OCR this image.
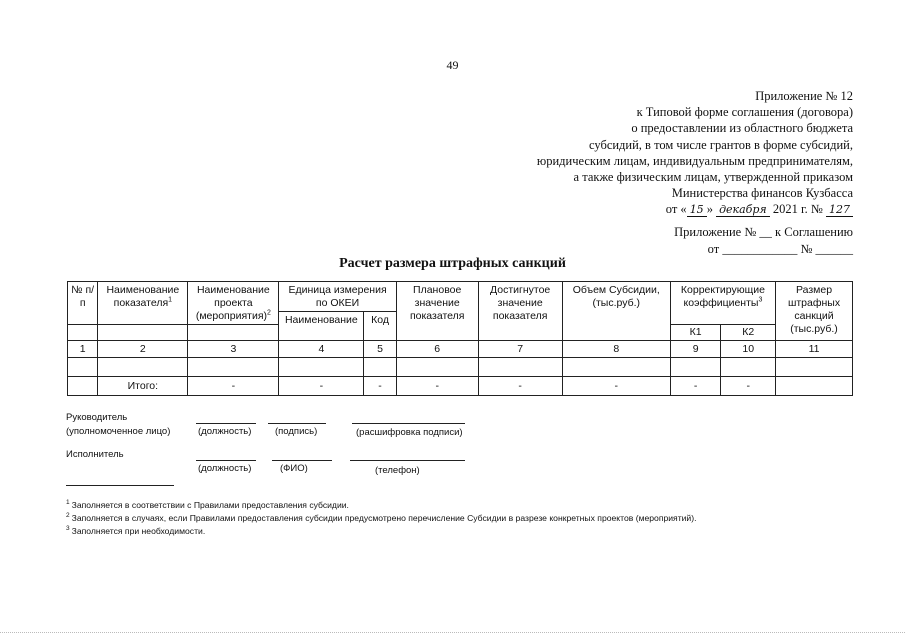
49
Приложение № 12
к Типовой форме соглашения (договора)
о предоставлении из областного бюджета
субсидий, в том числе грантов в форме субсидий,
юридическим лицам, индивидуальным предпринимателям,
а также физическим лицам, утвержденной приказом
Министерства финансов Кузбасса
от « 15 » декабря 2021 г. № 127
Приложение № __ к Соглашению
от ____________ № ______
Расчет размера штрафных санкций
№ п/п	Наименование показателя$^1$	Наименование проекта (мероприятия)$^2$	Единица измерения по ОКЕИ		Плановое значение показателя	Достигнутое значение показателя	Объем Субсидии, (тыс.руб.)	Корректирующие коэффициенты$^3$		Размер штрафных санкций (тыс.руб.)
			Наименование	Код						
								К1	К2	
1	2	3	4	5	6	7	8	9	10	11

	Итого:	-	-	-	-	-	-	-	-	
Руководитель
(уполномоченное лицо)	(должность) (подпись)	(расшифровка подписи)
Исполнитель
(должность)	(ФИО)	(телефон)
$^1$ Заполняется в соответствии с Правилами предоставления субсидии.
$^2$ Заполняется в случаях, если Правилами предоставления субсидии предусмотрено перечисление Субсидии в разрезе конкретных проектов (мероприятий).
$^3$ Заполняется при необходимости.
